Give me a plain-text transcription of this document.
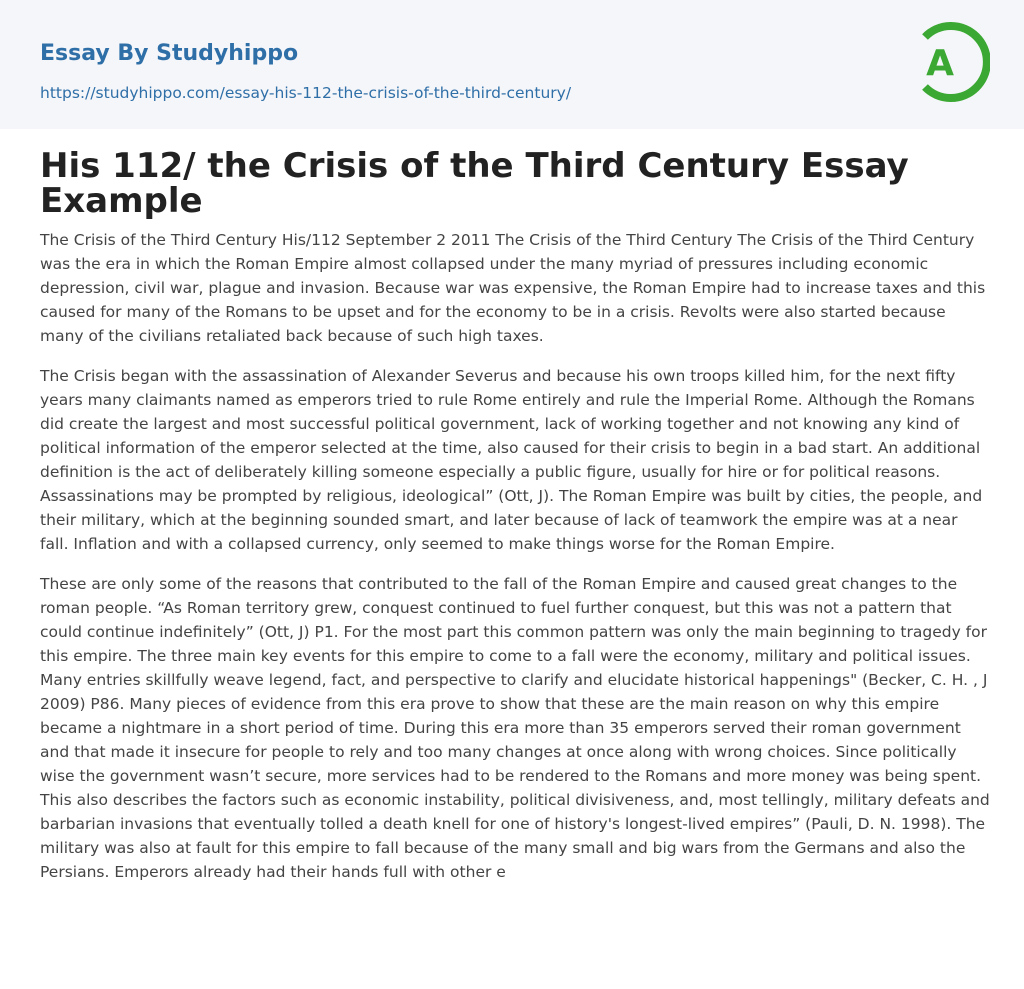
Essay By Studyhippo
https://studyhippo.com/essay-his-112-the-crisis-of-the-third-century/
A
His 112/ the Crisis of the Third Century Essay Example

The Crisis of the Third Century His/112 September 2 2011 The Crisis of the Third Century The Crisis of the Third Century was the era in which the Roman Empire almost collapsed under the many myriad of pressures including economic depression, civil war, plague and invasion. Because war was expensive, the Roman Empire had to increase taxes and this caused for many of the Romans to be upset and for the economy to be in a crisis. Revolts were also started because many of the civilians retaliated back because of such high taxes.

The Crisis began with the assassination of Alexander Severus and because his own troops killed him, for the next fifty years many claimants named as emperors tried to rule Rome entirely and rule the Imperial Rome. Although the Romans did create the largest and most successful political government, lack of working together and not knowing any kind of political information of the emperor selected at the time, also caused for their crisis to begin in a bad start. An additional definition is the act of deliberately killing someone especially a public figure, usually for hire or for political reasons. Assassinations may be prompted by religious, ideological” (Ott, J). The Roman Empire was built by cities, the people, and their military, which at the beginning sounded smart, and later because of lack of teamwork the empire was at a near fall. Inflation and with a collapsed currency, only seemed to make things worse for the Roman Empire.

These are only some of the reasons that contributed to the fall of the Roman Empire and caused great changes to the roman people. “As Roman territory grew, conquest continued to fuel further conquest, but this was not a pattern that could continue indefinitely” (Ott, J) P1. For the most part this common pattern was only the main beginning to tragedy for this empire. The three main key events for this empire to come to a fall were the economy, military and political issues. Many entries skillfully weave legend, fact, and perspective to clarify and elucidate historical happenings" (Becker, C. H. , J 2009) P86. Many pieces of evidence from this era prove to show that these are the main reason on why this empire became a nightmare in a short period of time. During this era more than 35 emperors served their roman government and that made it insecure for people to rely and too many changes at once along with wrong choices. Since politically wise the government wasn’t secure, more services had to be rendered to the Romans and more money was being spent. This also describes the factors such as economic instability, political divisiveness, and, most tellingly, military defeats and barbarian invasions that eventually tolled a death knell for one of history's longest-lived empires” (Pauli, D. N. 1998). The military was also at fault for this empire to fall because of the many small and big wars from the Germans and also the Persians. Emperors already had their hands full with other e
